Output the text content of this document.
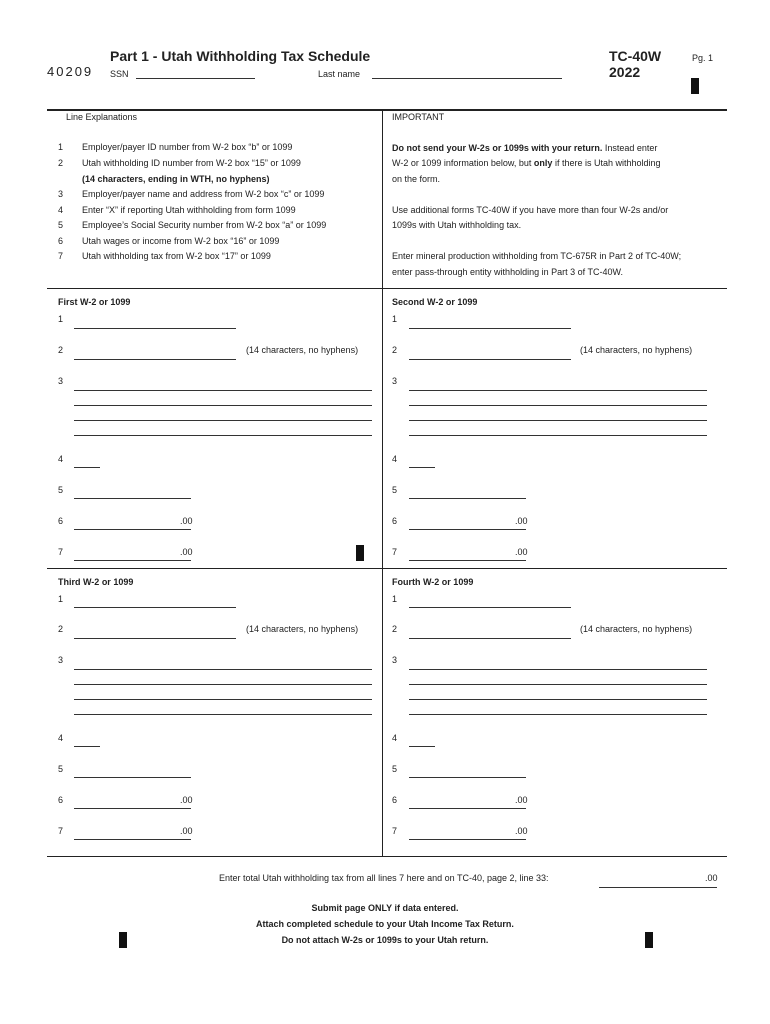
40209
Part 1 - Utah Withholding Tax Schedule
SSN	Last name
TC-40W
2022
Pg. 1
Line Explanations
1 Employer/payer ID number from W-2 box “b” or 1099
2 Utah withholding ID number from W-2 box “15” or 1099
(14 characters, ending in WTH, no hyphens)
3 Employer/payer name and address from W-2 box “c” or 1099
4 Enter “X” if reporting Utah withholding from form 1099
5 Employee’s Social Security number from W-2 box “a” or 1099
6 Utah wages or income from W-2 box “16” or 1099
7 Utah withholding tax from W-2 box “17” or 1099
IMPORTANT
Do not send your W-2s or 1099s with your return. Instead enter
W-2 or 1099 information below, but only if there is Utah withholding
on the form.
Use additional forms TC-40W if you have more than four W-2s and/or
1099s with Utah withholding tax.
Enter mineral production withholding from TC-675R in Part 2 of TC-40W;
enter pass-through entity withholding in Part 3 of TC-40W.
First W-2 or 1099
1
2	(14 characters, no hyphens)
3
4
5
6	.00
7	.00
Second W-2 or 1099
1
2	(14 characters, no hyphens)
3
4
5
6	.00
7	.00
Third W-2 or 1099
1
2	(14 characters, no hyphens)
3
4
5
6	.00
7	.00
Fourth W-2 or 1099
1
2	(14 characters, no hyphens)
3
4
5
6	.00
7	.00
Enter total Utah withholding tax from all lines 7 here and on TC-40, page 2, line 33:	.00
Submit page ONLY if data entered.
Attach completed schedule to your Utah Income Tax Return.
Do not attach W-2s or 1099s to your Utah return.
